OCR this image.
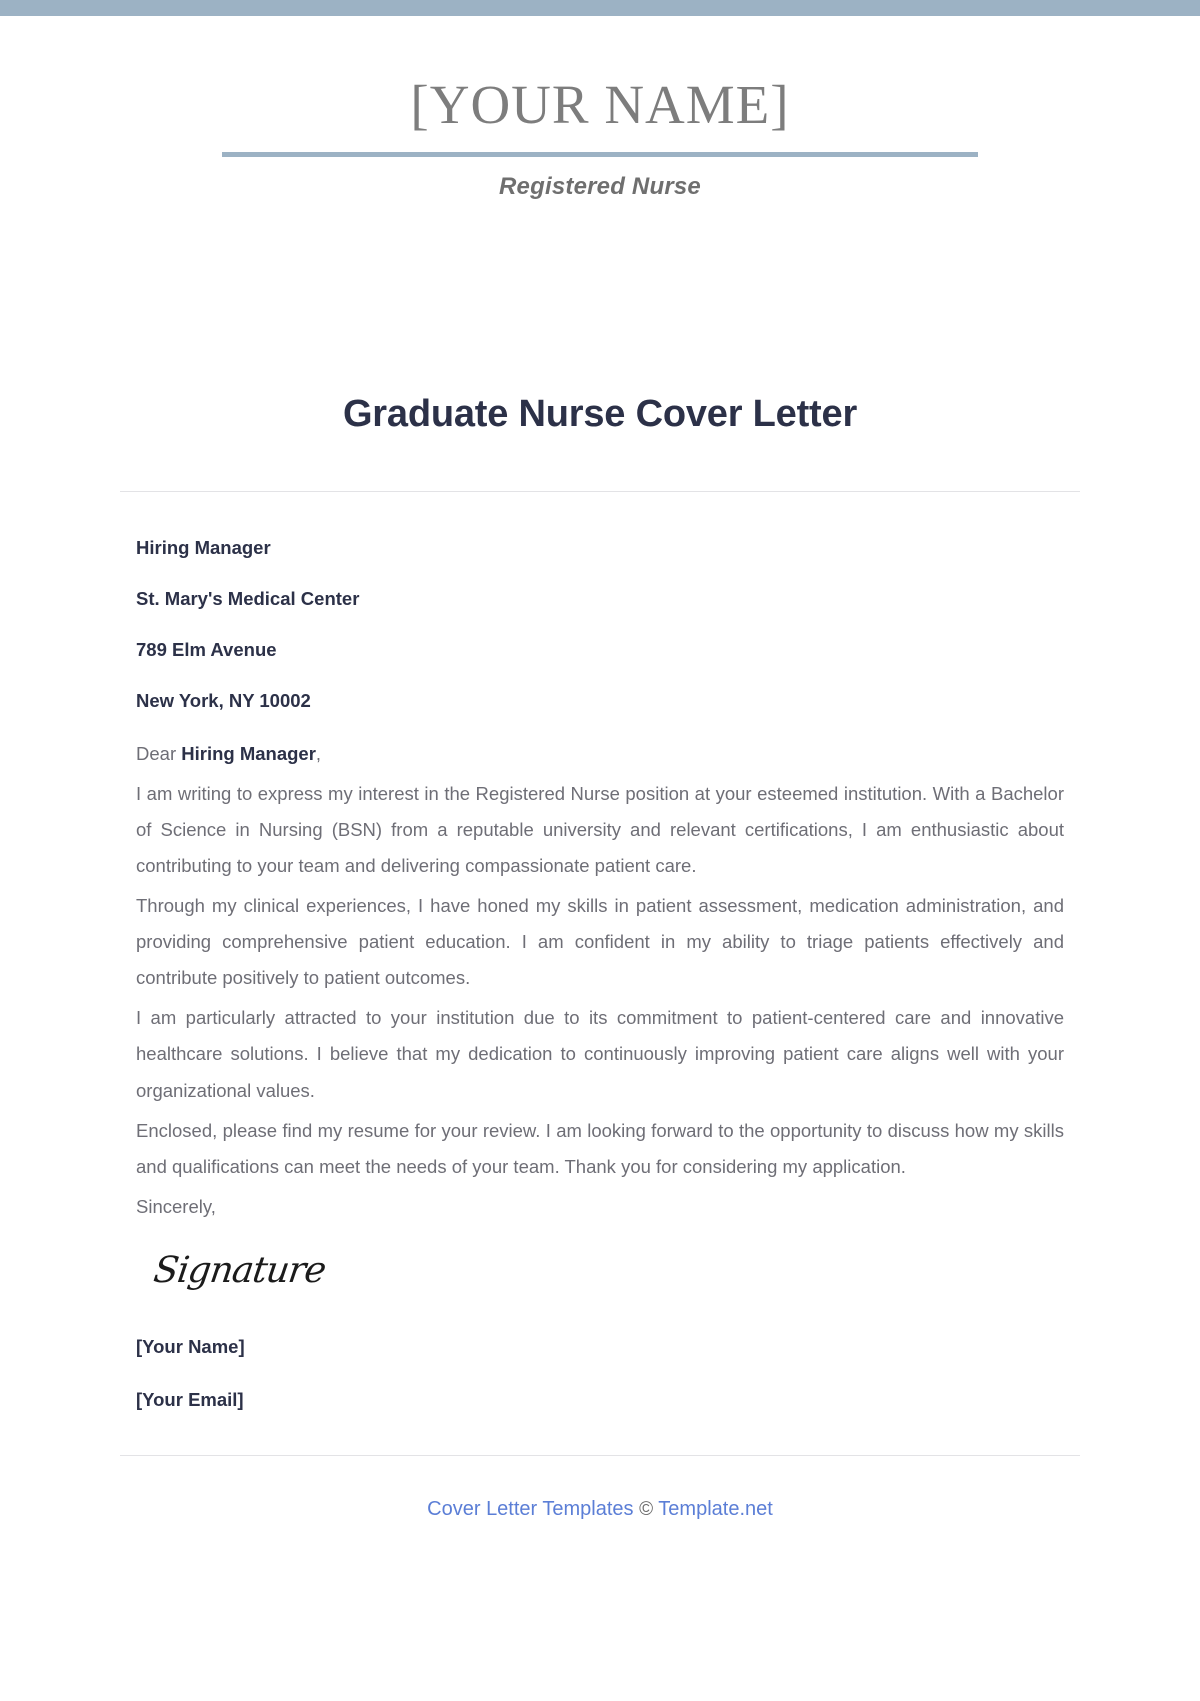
[YOUR NAME]
Registered Nurse
Graduate Nurse Cover Letter
Hiring Manager
St. Mary's Medical Center
789 Elm Avenue
New York, NY 10002

Dear Hiring Manager,

I am writing to express my interest in the Registered Nurse position at your esteemed institution. With a Bachelor of Science in Nursing (BSN) from a reputable university and relevant certifications, I am enthusiastic about contributing to your team and delivering compassionate patient care.

Through my clinical experiences, I have honed my skills in patient assessment, medication administration, and providing comprehensive patient education. I am confident in my ability to triage patients effectively and contribute positively to patient outcomes.

I am particularly attracted to your institution due to its commitment to patient-centered care and innovative healthcare solutions. I believe that my dedication to continuously improving patient care aligns well with your organizational values.

Enclosed, please find my resume for your review. I am looking forward to the opportunity to discuss how my skills and qualifications can meet the needs of your team. Thank you for considering my application.

Sincerely,

Signature
[Your Name]
[Your Email]
Cover Letter Templates © Template.net
